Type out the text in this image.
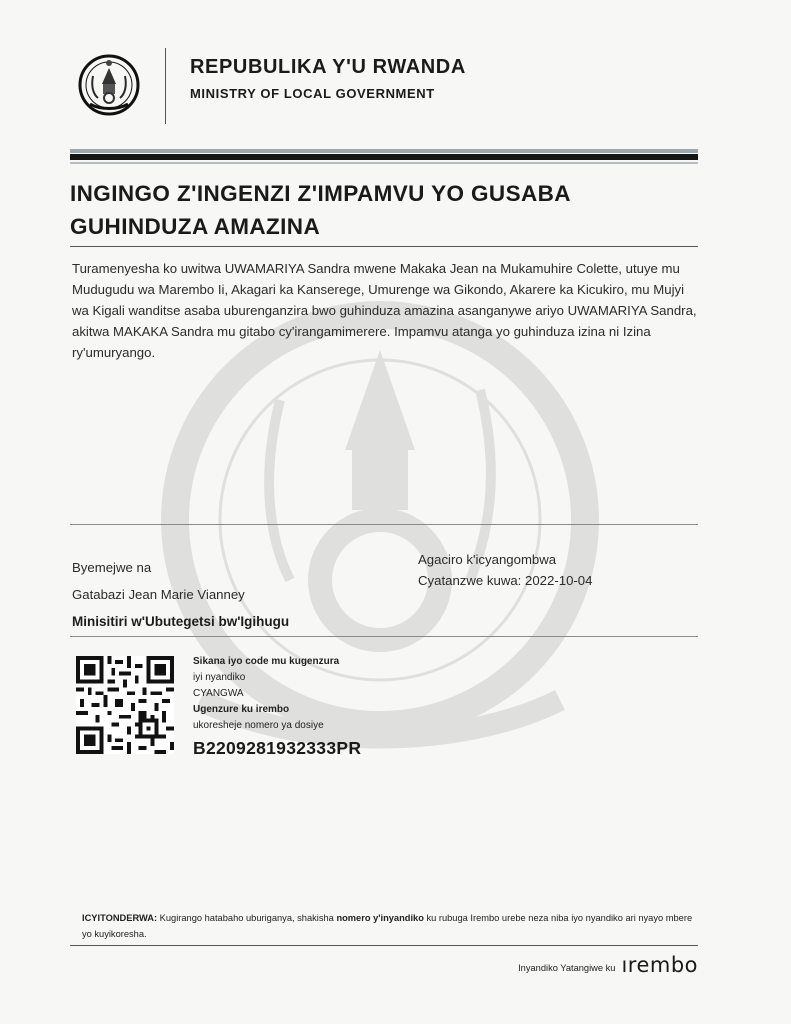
REPUBULIKA Y'U RWANDA
MINISTRY OF LOCAL GOVERNMENT
INGINGO Z'INGENZI Z'IMPAMVU YO GUSABA GUHINDUZA AMAZINA
Turamenyesha ko uwitwa UWAMARIYA Sandra mwene Makaka Jean na Mukamuhire Colette, utuye mu Mudugudu wa Marembo Ii, Akagari ka Kanserege, Umurenge wa Gikondo, Akarere ka Kicukiro, mu Mujyi wa Kigali wanditse asaba uburenganzira bwo guhinduza amazina asanganywe ariyo UWAMARIYA Sandra, akitwa MAKAKA Sandra mu gitabo cy'irangamimerere. Impamvu atanga yo guhinduza izina ni Izina ry'umuryango.
Byemejwe na
Gatabazi Jean Marie Vianney
Minisitiri w'Ubutegetsi bw'Igihugu
Agaciro k'icyangombwa
Cyatanzwe kuwa: 2022-10-04
Sikana iyo code mu kugenzura
iyi nyandiko
CYANGWA
Ugenzure ku irembo
ukoresheje nomero ya dosiye
B2209281932333PR
ICYITONDERWA: Kugirango hatabaho uburiganya, shakisha nomero y'inyandiko ku rubuga Irembo urebe neza niba iyo nyandiko ari nyayo mbere yo kuyikoresha.
Inyandiko Yatangiwe ku ırembo
